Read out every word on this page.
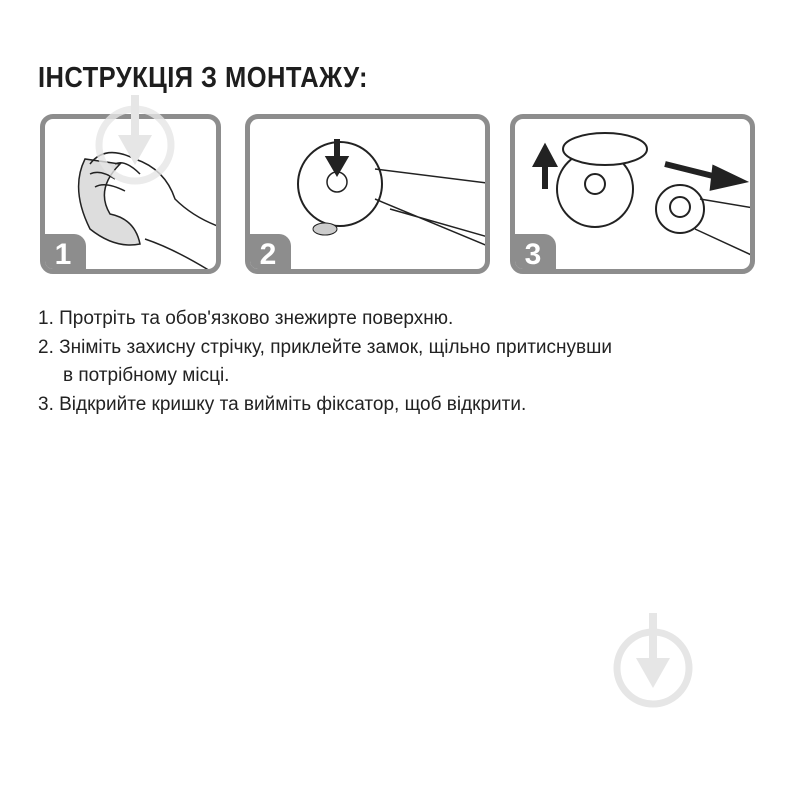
ІНСТРУКЦІЯ З МОНТАЖУ:
1	2	3
1. Протріть та обов'язково знежирте поверхню.
2. Зніміть захисну стрічку, приклейте замок, щільно притиснувши
в потрібному місці.
3. Відкрийте кришку та вийміть фіксатор, щоб відкрити.
